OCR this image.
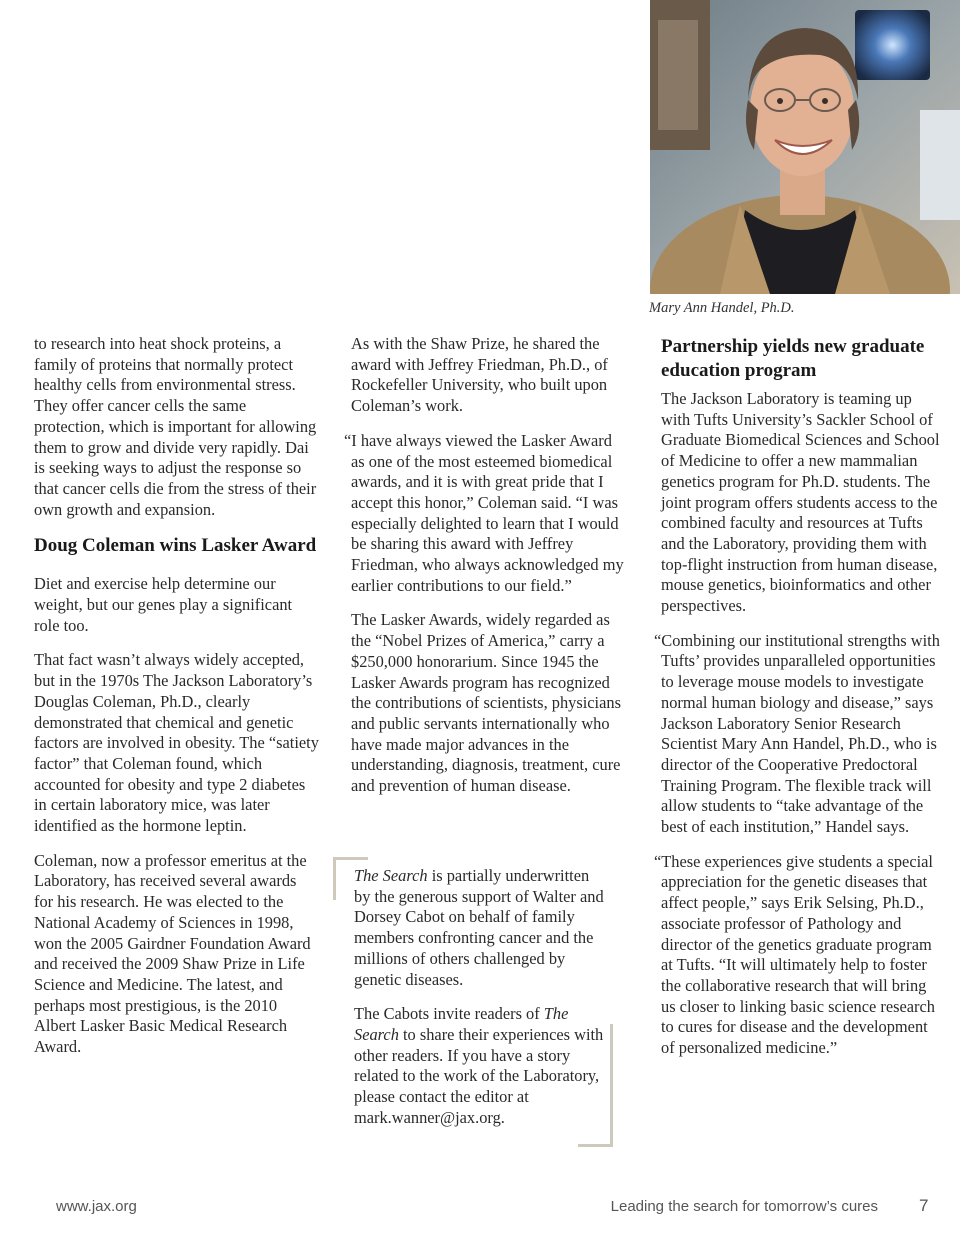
Mary Ann Handel, Ph.D.

to research into heat shock proteins, a family of proteins that normally protect healthy cells from environmental stress. They offer cancer cells the same protection, which is important for allowing them to grow and divide very rapidly. Dai is seeking ways to adjust the response so that cancer cells die from the stress of their own growth and expansion.

Doug Coleman wins Lasker Award

Diet and exercise help determine our weight, but our genes play a significant role too.

That fact wasn’t always widely accepted, but in the 1970s The Jackson Laboratory’s Douglas Coleman, Ph.D., clearly demonstrated that chemical and genetic factors are involved in obesity. The “satiety factor” that Coleman found, which accounted for obesity and type 2 diabetes in certain laboratory mice, was later identified as the hormone leptin.

Coleman, now a professor emeritus at the Laboratory, has received several awards for his research. He was elected to the National Academy of Sciences in 1998, won the 2005 Gairdner Foundation Award and received the 2009 Shaw Prize in Life Science and Medicine. The latest, and perhaps most prestigious, is the 2010 Albert Lasker Basic Medical Research Award.

As with the Shaw Prize, he shared the award with Jeffrey Friedman, Ph.D., of Rockefeller University, who built upon Coleman’s work.

“I have always viewed the Lasker Award as one of the most esteemed biomedical awards, and it is with great pride that I accept this honor,” Coleman said. “I was especially delighted to learn that I would be sharing this award with Jeffrey Friedman, who always acknowledged my earlier contributions to our field.”

The Lasker Awards, widely regarded as the “Nobel Prizes of America,” carry a $250,000 honorarium. Since 1945 the Lasker Awards program has recognized the contributions of scientists, physicians and public servants internationally who have made major advances in the understanding, diagnosis, treatment, cure and prevention of human disease.

The Search is partially underwritten by the generous support of Walter and Dorsey Cabot on behalf of family members confronting cancer and the millions of others challenged by genetic diseases.

The Cabots invite readers of The Search to share their experiences with other readers. If you have a story related to the work of the Laboratory, please contact the editor at mark.wanner@jax.org.

Partnership yields new graduate education program

The Jackson Laboratory is teaming up with Tufts University’s Sackler School of Graduate Biomedical Sciences and School of Medicine to offer a new mammalian genetics program for Ph.D. students. The joint program offers students access to the combined faculty and resources at Tufts and the Laboratory, providing them with top-flight instruction from human disease, mouse genetics, bioinformatics and other perspectives.

“Combining our institutional strengths with Tufts’ provides unparalleled opportunities to leverage mouse models to investigate normal human biology and disease,” says Jackson Laboratory Senior Research Scientist Mary Ann Handel, Ph.D., who is director of the Cooperative Predoctoral Training Program. The flexible track will allow students to “take advantage of the best of each institution,” Handel says.

“These experiences give students a special appreciation for the genetic diseases that affect people,” says Erik Selsing, Ph.D., associate professor of Pathology and director of the genetics graduate program at Tufts. “It will ultimately help to foster the collaborative research that will bring us closer to linking basic science research to cures for disease and the development of personalized medicine.”

www.jax.org	Leading the search for tomorrow’s cures 7
